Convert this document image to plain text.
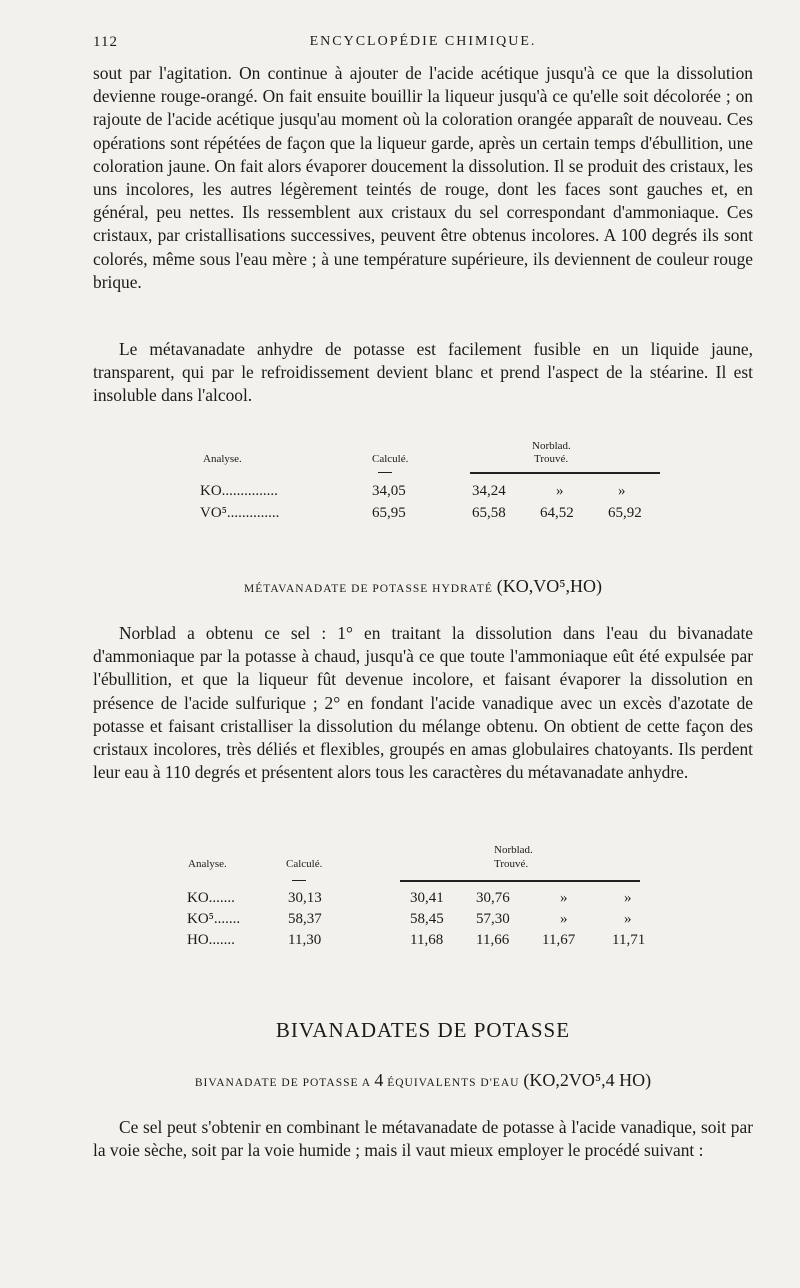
112	ENCYCLOPÉDIE CHIMIQUE.

sout par l'agitation. On continue à ajouter de l'acide acétique jusqu'à ce que la dissolution devienne rouge-orangé. On fait ensuite bouillir la liqueur jusqu'à ce qu'elle soit décolorée ; on rajoute de l'acide acétique jusqu'au moment où la coloration orangée apparaît de nouveau. Ces opérations sont répétées de façon que la liqueur garde, après un certain temps d'ébullition, une coloration jaune. On fait alors évaporer doucement la dissolution. Il se produit des cristaux, les uns incolores, les autres légèrement teintés de rouge, dont les faces sont gauches et, en général, peu nettes. Ils ressemblent aux cristaux du sel correspondant d'ammoniaque. Ces cristaux, par cristallisations successives, peuvent être obtenus incolores. A 100 degrés ils sont colorés, même sous l'eau mère ; à une température supérieure, ils deviennent de couleur rouge brique.

Le métavanadate anhydre de potasse est facilement fusible en un liquide jaune, transparent, qui par le refroidissement devient blanc et prend l'aspect de la stéarine. Il est insoluble dans l'alcool.

Analyse.	Calculé.
Norblad.
Trouvé.
KO...............	34,05	34,24	»	»
VO⁵..............	65,95	65,58 64,52 65,92

MÉTAVANADATE DE POTASSE HYDRATÉ (KO,VO⁵,HO)

Norblad a obtenu ce sel : 1° en traitant la dissolution dans l'eau du bivanadate d'ammoniaque par la potasse à chaud, jusqu'à ce que toute l'ammoniaque eût été expulsée par l'ébullition, et que la liqueur fût devenue incolore, et faisant évaporer la dissolution en présence de l'acide sulfurique ; 2° en fondant l'acide vanadique avec un excès d'azotate de potasse et faisant cristalliser la dissolution du mélange obtenu. On obtient de cette façon des cristaux incolores, très déliés et flexibles, groupés en amas globulaires chatoyants. Ils perdent leur eau à 110 degrés et présentent alors tous les caractères du métavanadate anhydre.

Analyse.	Calculé.
Norblad.
Trouvé.
KO.......	30,13	30,41 30,76	»	»
KO⁵.......	58,37	58,45 57,30	»	»
HO.......	11,30	11,68 11,66 11,67 11,71
BIVANADATES DE POTASSE

BIVANADATE DE POTASSE A 4 ÉQUIVALENTS D'EAU (KO,2VO⁵,4 HO)

Ce sel peut s'obtenir en combinant le métavanadate de potasse à l'acide vanadique, soit par la voie sèche, soit par la voie humide ; mais il vaut mieux employer le procédé suivant :
